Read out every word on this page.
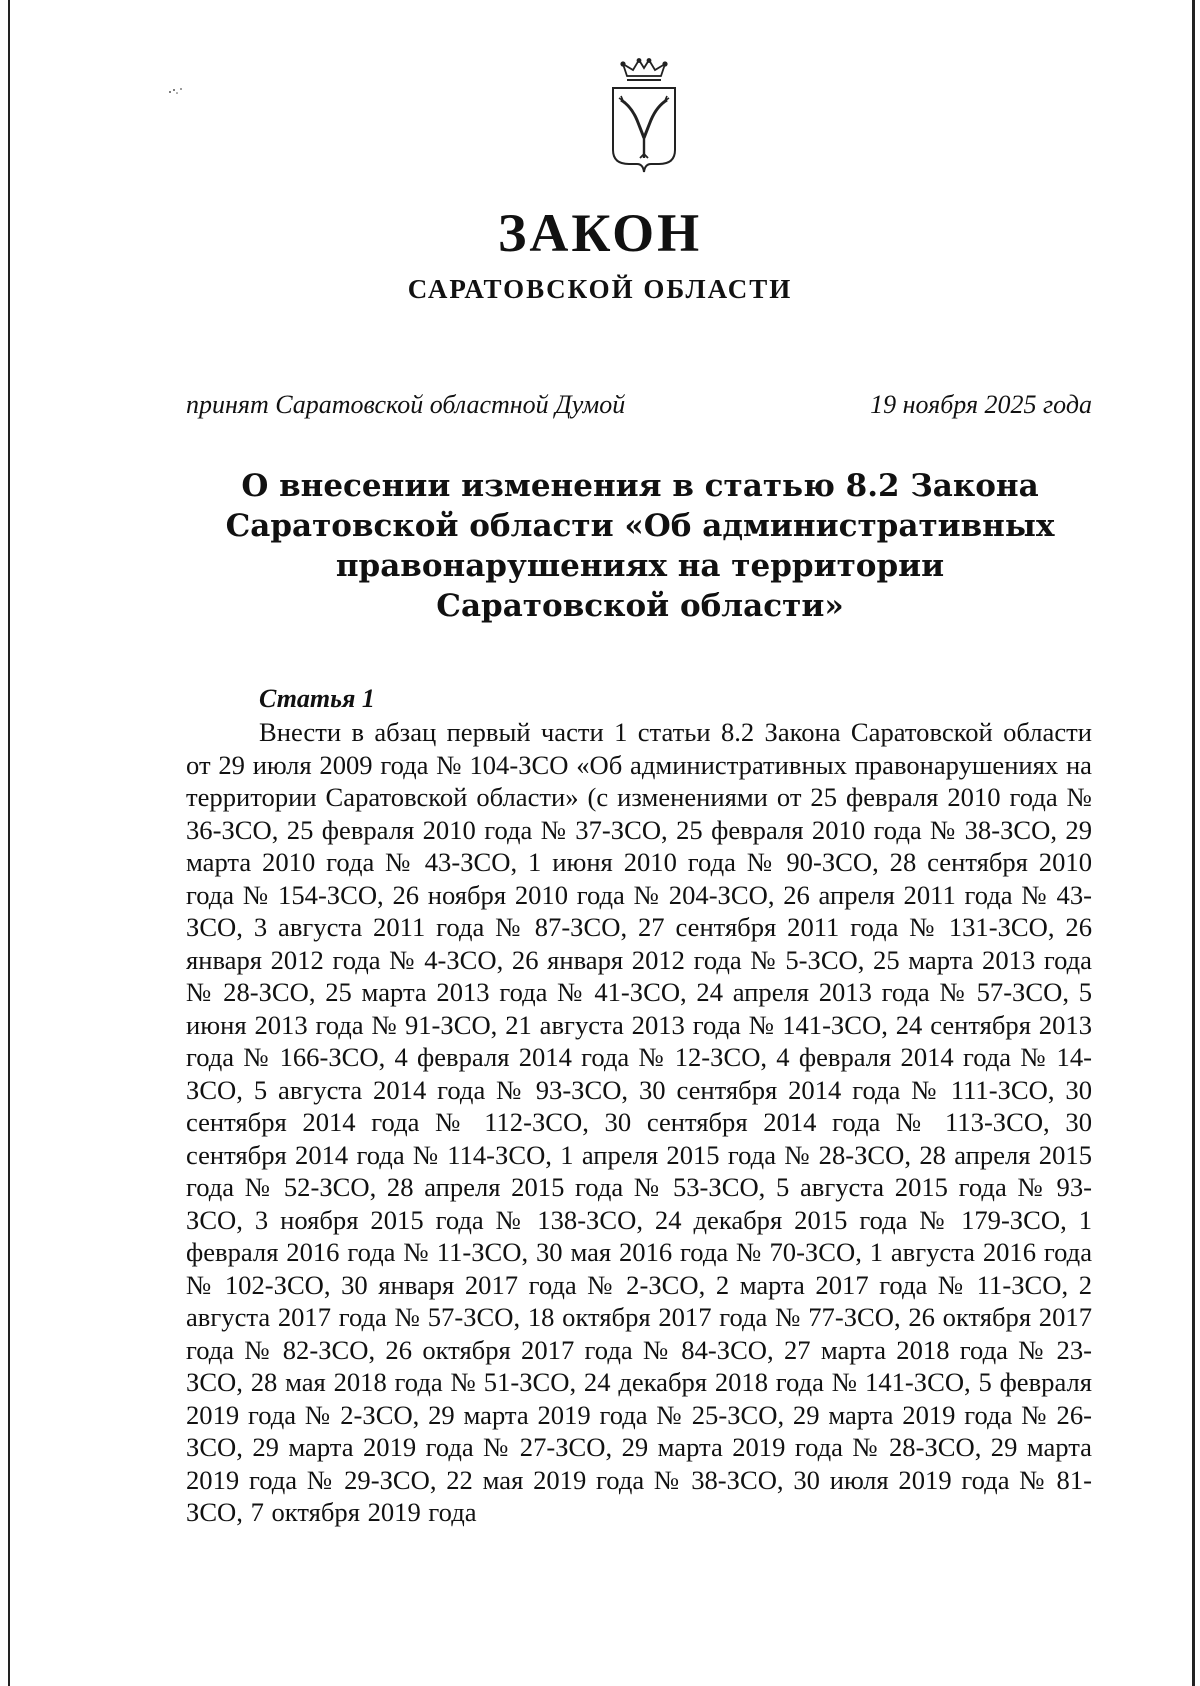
ЗАКОН
САРАТОВСКОЙ ОБЛАСТИ
принят Саратовской областной Думой	19 ноября 2025 года
О внесении изменения в статью 8.2 Закона Саратовской области «Об административных правонарушениях на территории Саратовской области»

Статья 1

Внести в абзац первый части 1 статьи 8.2 Закона Саратовской области от 29 июля 2009 года № 104-ЗСО «Об административных правонарушениях на территории Саратовской области» (с изменениями от 25 февраля 2010 года № 36-ЗСО, 25 февраля 2010 года № 37-ЗСО, 25 февраля 2010 года № 38-ЗСО, 29 марта 2010 года № 43-ЗСО, 1 июня 2010 года № 90-ЗСО, 28 сентября 2010 года № 154-ЗСО, 26 ноября 2010 года № 204-ЗСО, 26 апреля 2011 года № 43-ЗСО, 3 августа 2011 года № 87-ЗСО, 27 сентября 2011 года № 131-ЗСО, 26 января 2012 года № 4-ЗСО, 26 января 2012 года № 5-ЗСО, 25 марта 2013 года № 28-ЗСО, 25 марта 2013 года № 41-ЗСО, 24 апреля 2013 года № 57-ЗСО, 5 июня 2013 года № 91-ЗСО, 21 августа 2013 года № 141-ЗСО, 24 сентября 2013 года № 166-ЗСО, 4 февраля 2014 года № 12-ЗСО, 4 февраля 2014 года № 14-ЗСО, 5 августа 2014 года № 93-ЗСО, 30 сентября 2014 года № 111-ЗСО, 30 сентября 2014 года № 112-ЗСО, 30 сентября 2014 года № 113-ЗСО, 30 сентября 2014 года № 114-ЗСО, 1 апреля 2015 года № 28-ЗСО, 28 апреля 2015 года № 52-ЗСО, 28 апреля 2015 года № 53-ЗСО, 5 августа 2015 года № 93-ЗСО, 3 ноября 2015 года № 138-ЗСО, 24 декабря 2015 года № 179-ЗСО, 1 февраля 2016 года № 11-ЗСО, 30 мая 2016 года № 70-ЗСО, 1 августа 2016 года № 102-ЗСО, 30 января 2017 года № 2-ЗСО, 2 марта 2017 года № 11-ЗСО, 2 августа 2017 года № 57-ЗСО, 18 октября 2017 года № 77-ЗСО, 26 октября 2017 года № 82-ЗСО, 26 октября 2017 года № 84-ЗСО, 27 марта 2018 года № 23-ЗСО, 28 мая 2018 года № 51-ЗСО, 24 декабря 2018 года № 141-ЗСО, 5 февраля 2019 года № 2-ЗСО, 29 марта 2019 года № 25-ЗСО, 29 марта 2019 года № 26-ЗСО, 29 марта 2019 года № 27-ЗСО, 29 марта 2019 года № 28-ЗСО, 29 марта 2019 года № 29-ЗСО, 22 мая 2019 года № 38-ЗСО, 30 июля 2019 года № 81-ЗСО, 7 октября 2019 года
